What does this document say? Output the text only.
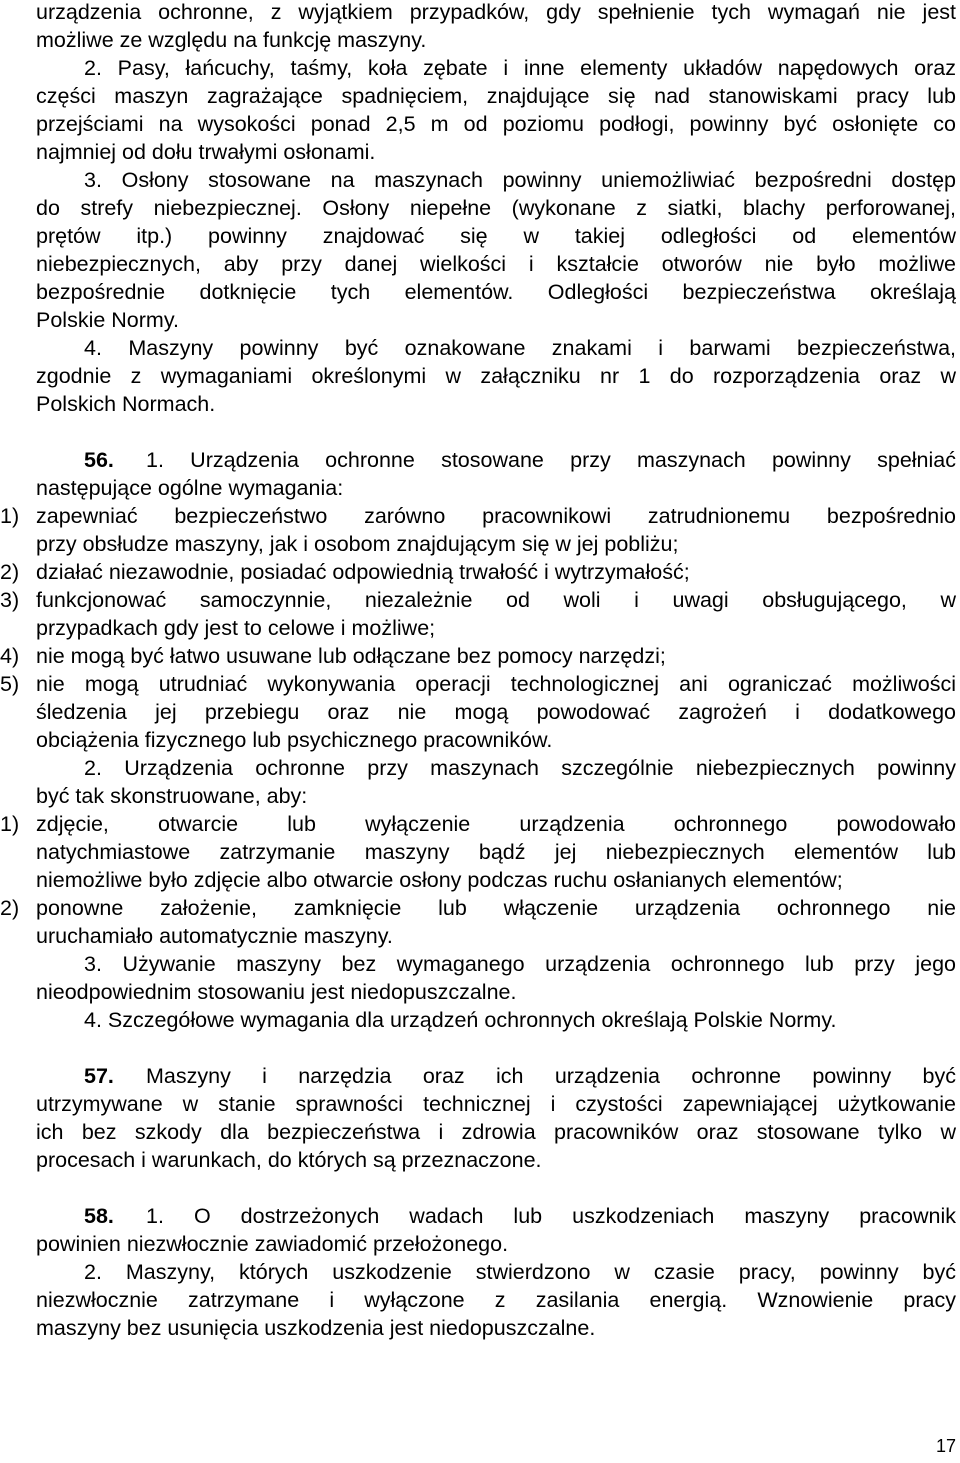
urządzenia ochronne, z wyjątkiem przypadków, gdy spełnienie tych wymagań nie jest
możliwe ze względu na funkcję maszyny.
2. Pasy, łańcuchy, taśmy, koła zębate i inne elementy układów napędowych oraz
części maszyn zagrażające spadnięciem, znajdujące się nad stanowiskami pracy lub
przejściami na wysokości ponad 2,5 m od poziomu podłogi, powinny być osłonięte co
najmniej od dołu trwałymi osłonami.
3. Osłony stosowane na maszynach powinny uniemożliwiać bezpośredni dostęp
do strefy niebezpiecznej. Osłony niepełne (wykonane z siatki, blachy perforowanej,
prętów itp.) powinny znajdować się w takiej odległości od elementów
niebezpiecznych, aby przy danej wielkości i kształcie otworów nie było możliwe
bezpośrednie dotknięcie tych elementów. Odległości bezpieczeństwa określają
Polskie Normy.
4. Maszyny powinny być oznakowane znakami i barwami bezpieczeństwa,
zgodnie z wymaganiami określonymi w załączniku nr 1 do rozporządzenia oraz w
Polskich Normach.
56. 1. Urządzenia ochronne stosowane przy maszynach powinny spełniać
następujące ogólne wymagania:
1) zapewniać bezpieczeństwo zarówno pracownikowi zatrudnionemu bezpośrednio
przy obsłudze maszyny, jak i osobom znajdującym się w jej pobliżu;
2) działać niezawodnie, posiadać odpowiednią trwałość i wytrzymałość;
3) funkcjonować samoczynnie, niezależnie od woli i uwagi obsługującego, w
przypadkach gdy jest to celowe i możliwe;
4) nie mogą być łatwo usuwane lub odłączane bez pomocy narzędzi;
5) nie mogą utrudniać wykonywania operacji technologicznej ani ograniczać możliwości
śledzenia jej przebiegu oraz nie mogą powodować zagrożeń i dodatkowego
obciążenia fizycznego lub psychicznego pracowników.
2. Urządzenia ochronne przy maszynach szczególnie niebezpiecznych powinny
być tak skonstruowane, aby:
1) zdjęcie, otwarcie lub wyłączenie urządzenia ochronnego powodowało
natychmiastowe zatrzymanie maszyny bądź jej niebezpiecznych elementów lub
niemożliwe było zdjęcie albo otwarcie osłony podczas ruchu osłanianych elementów;
2) ponowne założenie, zamknięcie lub włączenie urządzenia ochronnego nie
uruchamiało automatycznie maszyny.
3. Używanie maszyny bez wymaganego urządzenia ochronnego lub przy jego
nieodpowiednim stosowaniu jest niedopuszczalne.
4. Szczegółowe wymagania dla urządzeń ochronnych określają Polskie Normy.
57. Maszyny i narzędzia oraz ich urządzenia ochronne powinny być
utrzymywane w stanie sprawności technicznej i czystości zapewniającej użytkowanie
ich bez szkody dla bezpieczeństwa i zdrowia pracowników oraz stosowane tylko w
procesach i warunkach, do których są przeznaczone.
58. 1. O dostrzeżonych wadach lub uszkodzeniach maszyny pracownik
powinien niezwłocznie zawiadomić przełożonego.
2. Maszyny, których uszkodzenie stwierdzono w czasie pracy, powinny być
niezwłocznie zatrzymane i wyłączone z zasilania energią. Wznowienie pracy
maszyny bez usunięcia uszkodzenia jest niedopuszczalne.
17
